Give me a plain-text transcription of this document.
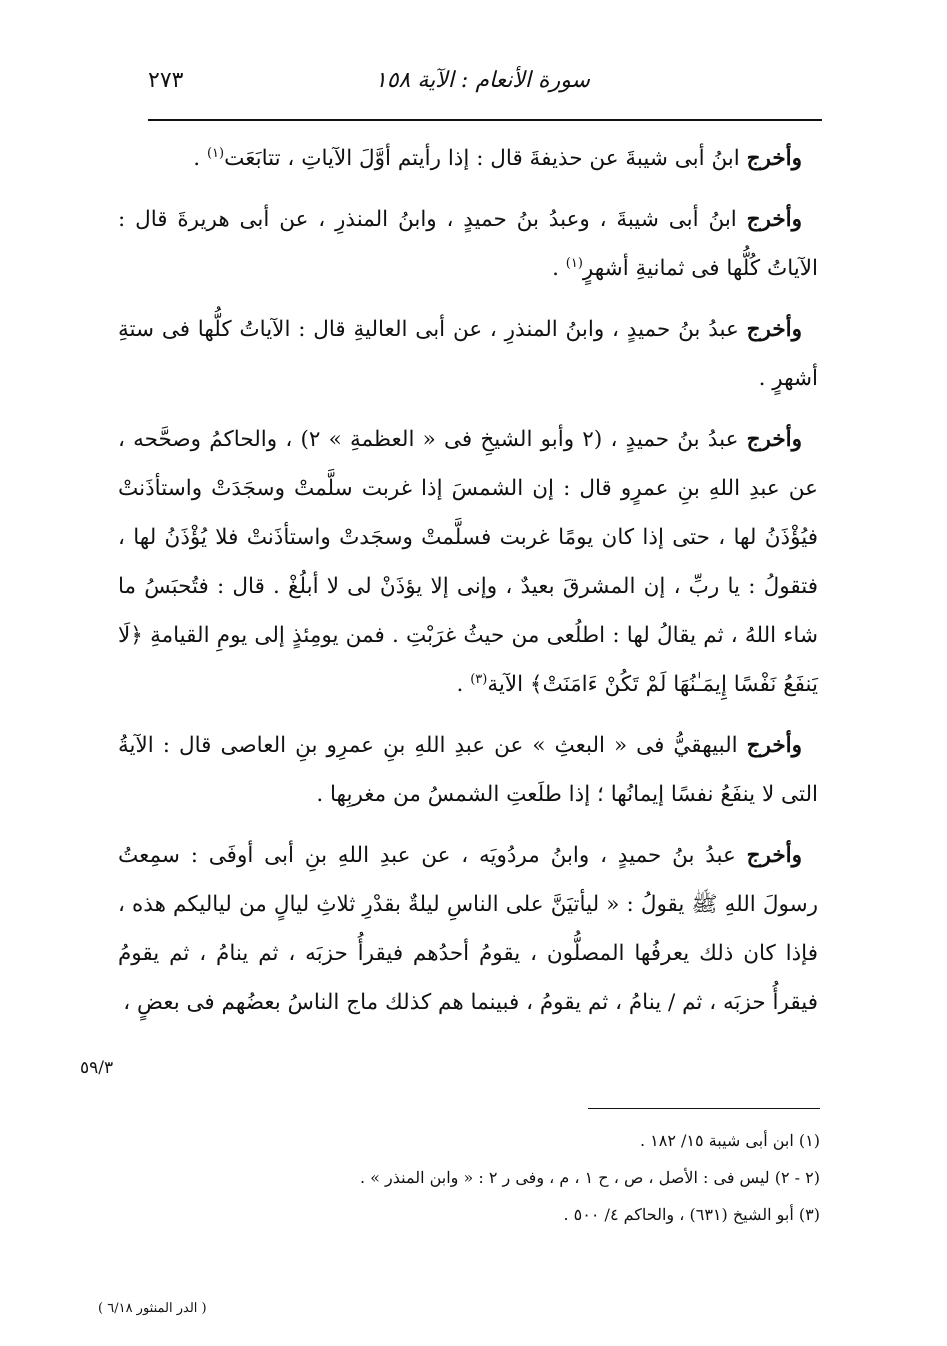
سورة الأنعام : الآية ١٥٨
٢٧٣

وأخرج ابنُ أبى شيبةَ عن حذيفةَ قال : إذا رأيتم أوَّلَ الآياتِ ، تتابَعَت$^{(١)}$ .

وأخرج ابنُ أبى شيبةَ ، وعبدُ بنُ حميدٍ ، وابنُ المنذرِ ، عن أبى هريرةَ قال : الآياتُ كُلُّها فى ثمانيةِ أشهرٍ$^{(١)}$ .

وأخرج عبدُ بنُ حميدٍ ، وابنُ المنذرِ ، عن أبى العاليةِ قال : الآياتُ كلُّها فى ستةِ أشهرٍ .

وأخرج عبدُ بنُ حميدٍ ، (٢ وأبو الشيخِ فى « العظمةِ » ٢) ، والحاكمُ وصحَّحه ، عن عبدِ اللهِ بنِ عمرٍو قال : إن الشمسَ إذا غربت سلَّمتْ وسجَدَتْ واستأذَنتْ فيُؤْذَنُ لها ، حتى إذا كان يومًا غربت فسلَّمتْ وسجَدتْ واستأذَنتْ فلا يُؤْذَنُ لها ، فتقولُ : يا ربِّ ، إن المشرقَ بعيدٌ ، وإنى إلا يؤذَنْ لى لا أبلُغْ . قال : فتُحبَسُ ما شاء اللهُ ، ثم يقالُ لها : اطلُعى من حيثُ غرَبْتِ . فمن يومِئذٍ إلى يومِ القيامةِ ﴿لَا يَنفَعُ نَفْسًا إِيمَـٰنُهَا لَمْ تَكُنْ ءَامَنَتْ﴾ الآية$^{(٣)}$ .

وأخرج البيهقيُّ فى « البعثِ » عن عبدِ اللهِ بنِ عمرِو بنِ العاصى قال : الآيةُ التى لا ينفَعُ نفسًا إيمانُها ؛ إذا طلَعتِ الشمسُ من مغربِها .

وأخرج عبدُ بنُ حميدٍ ، وابنُ مردُويَه ، عن عبدِ اللهِ بنِ أبى أوفَى : سمِعتُ رسولَ اللهِ ﷺ يقولُ : « ليأتيَنَّ على الناسِ ليلةٌ بقدْرِ ثلاثِ ليالٍ من لياليكم هذه ، فإذا كان ذلك يعرفُها المصلُّون ، يقومُ أحدُهم فيقرأُ حزبَه ، ثم ينامُ ، ثم يقومُ فيقرأُ حزبَه ، ثم / ينامُ ، ثم يقومُ ، فبينما هم كذلك ماج الناسُ بعضُهم فى بعضٍ ،

٥٩/٣
(١) ابن أبى شيبة ١٥/ ١٨٢ .
(٢ - ٢) ليس فى : الأصل ، ص ، ح ١ ، م ، وفى ر ٢ : « وابن المنذر » .
(٣) أبو الشيخ (٦٣١) ، والحاكم ٤/ ٥٠٠ .
( الدر المنثور ٦/١٨ )
